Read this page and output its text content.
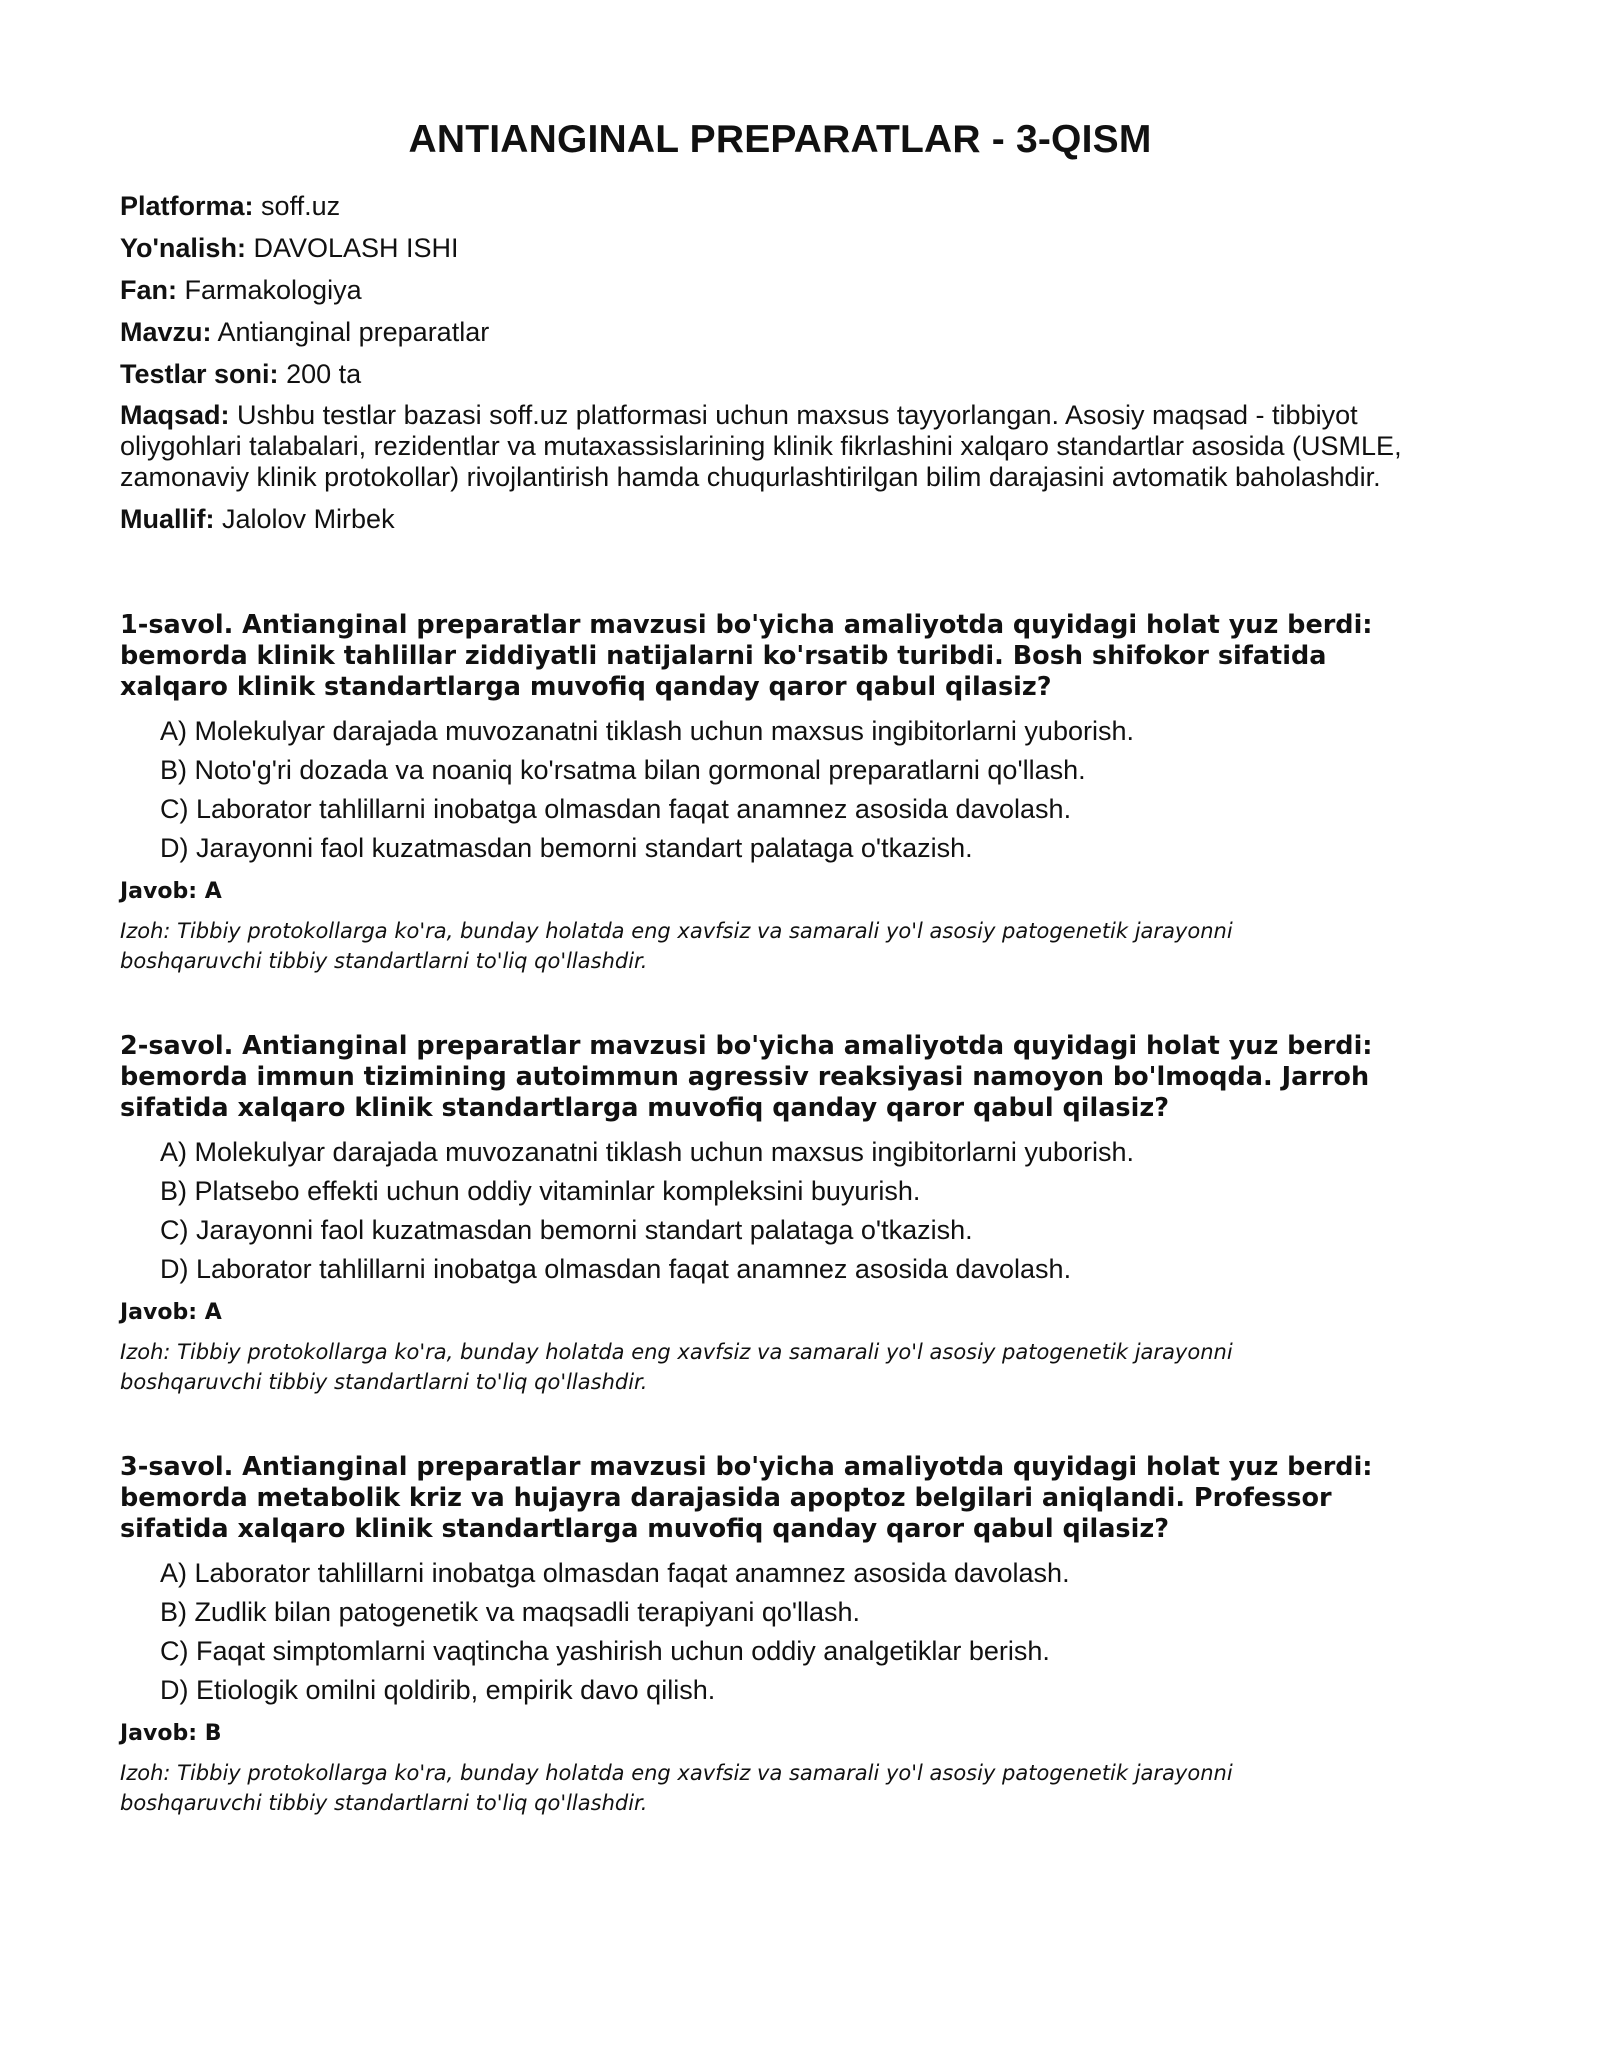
ANTIANGINAL PREPARATLAR - 3-QISM

Platforma: soff.uz

Yo'nalish: DAVOLASH ISHI

Fan: Farmakologiya

Mavzu: Antianginal preparatlar

Testlar soni: 200 ta

Maqsad: Ushbu testlar bazasi soff.uz platformasi uchun maxsus tayyorlangan. Asosiy maqsad - tibbiyot oliygohlari talabalari, rezidentlar va mutaxassislarining klinik fikrlashini xalqaro standartlar asosida (USMLE, zamonaviy klinik protokollar) rivojlantirish hamda chuqurlashtirilgan bilim darajasini avtomatik baholashdir.

Muallif: Jalolov Mirbek

1-savol. Antianginal preparatlar mavzusi bo'yicha amaliyotda quyidagi holat yuz berdi: bemorda klinik tahlillar ziddiyatli natijalarni ko'rsatib turibdi. Bosh shifokor sifatida xalqaro klinik standartlarga muvofiq qanday qaror qabul qilasiz?

A) Molekulyar darajada muvozanatni tiklash uchun maxsus ingibitorlarni yuborish.

B) Noto'g'ri dozada va noaniq ko'rsatma bilan gormonal preparatlarni qo'llash.

C) Laborator tahlillarni inobatga olmasdan faqat anamnez asosida davolash.

D) Jarayonni faol kuzatmasdan bemorni standart palataga o'tkazish.

Javob: A

Izoh: Tibbiy protokollarga ko'ra, bunday holatda eng xavfsiz va samarali yo'l asosiy patogenetik jarayonni boshqaruvchi tibbiy standartlarni to'liq qo'llashdir.

2-savol. Antianginal preparatlar mavzusi bo'yicha amaliyotda quyidagi holat yuz berdi: bemorda immun tizimining autoimmun agressiv reaksiyasi namoyon bo'lmoqda. Jarroh sifatida xalqaro klinik standartlarga muvofiq qanday qaror qabul qilasiz?

A) Molekulyar darajada muvozanatni tiklash uchun maxsus ingibitorlarni yuborish.

B) Platsebo effekti uchun oddiy vitaminlar kompleksini buyurish.

C) Jarayonni faol kuzatmasdan bemorni standart palataga o'tkazish.

D) Laborator tahlillarni inobatga olmasdan faqat anamnez asosida davolash.

Javob: A

Izoh: Tibbiy protokollarga ko'ra, bunday holatda eng xavfsiz va samarali yo'l asosiy patogenetik jarayonni boshqaruvchi tibbiy standartlarni to'liq qo'llashdir.

3-savol. Antianginal preparatlar mavzusi bo'yicha amaliyotda quyidagi holat yuz berdi: bemorda metabolik kriz va hujayra darajasida apoptoz belgilari aniqlandi. Professor sifatida xalqaro klinik standartlarga muvofiq qanday qaror qabul qilasiz?

A) Laborator tahlillarni inobatga olmasdan faqat anamnez asosida davolash.

B) Zudlik bilan patogenetik va maqsadli terapiyani qo'llash.

C) Faqat simptomlarni vaqtincha yashirish uchun oddiy analgetiklar berish.

D) Etiologik omilni qoldirib, empirik davo qilish.

Javob: B

Izoh: Tibbiy protokollarga ko'ra, bunday holatda eng xavfsiz va samarali yo'l asosiy patogenetik jarayonni boshqaruvchi tibbiy standartlarni to'liq qo'llashdir.
